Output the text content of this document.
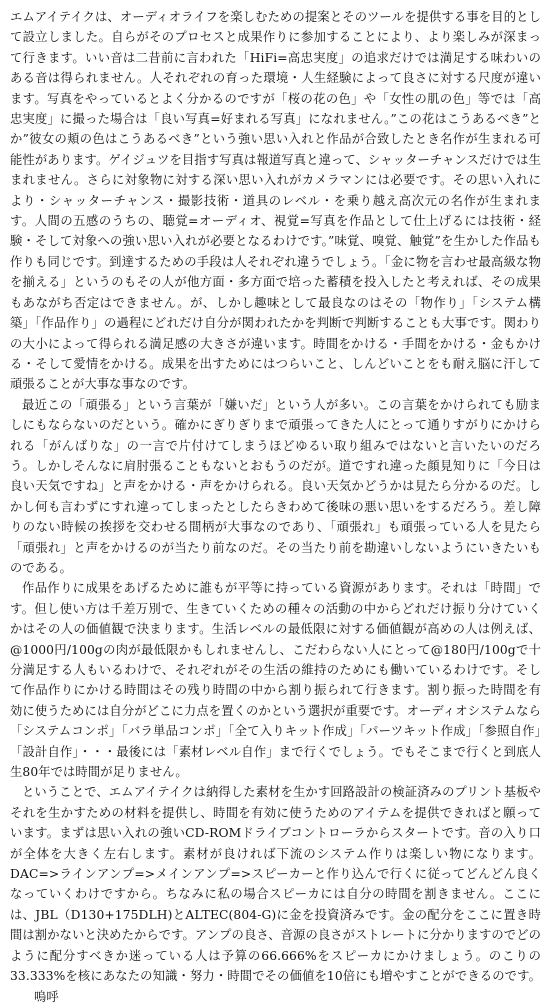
エムアイテイクは、オーディオライフを楽しむための提案とそのツールを提供する事を目的として設立しました。自らがそのプロセスと成果作りに参加することにより、より楽しみが深まって行きます。いい音は二昔前に言われた「HiFi=高忠実度」の追求だけでは満足する味わいのある音は得られません。人それぞれの育った環境・人生経験によって良さに対する尺度が違います。写真をやっているとよく分かるのですが「桜の花の色」や「女性の肌の色」等では「高忠実度」に撮った場合は「良い写真=好まれる写真」になれません。”この花はこうあるべき”とか”彼女の頬の色はこうあるべき”という強い思い入れと作品が合致したとき名作が生まれる可能性があります。ゲイジュツを目指す写真は報道写真と違って、シャッターチャンスだけでは生まれません。さらに対象物に対する深い思い入れがカメラマンには必要です。その思い入れにより・シャッターチャンス・撮影技術・道具のレベル・を乗り越え高次元の名作が生まれます。人間の五感のうちの、聴覚=オーディオ、視覚=写真を作品として仕上げるには技術・経験・そして対象への強い思い入れが必要となるわけです。”味覚、嗅覚、触覚”を生かした作品も作りも同じです。到達するための手段は人それぞれ違うでしょう。「金に物を言わせ最高級な物を揃える」というのもその人が他方面・多方面で培った蓄積を投入したと考えれば、その成果もあながち否定はできません。が、しかし趣味として最良なのはその「物作り」「システム構築」「作品作り」の過程にどれだけ自分が関われたかを判断で判断することも大事です。関わりの大小によって得られる満足感の大きさが違います。時間をかける・手間をかける・金もかける・そして愛情をかける。成果を出すためにはつらいこと、しんどいことをも耐え脳に汗して頑張ることが大事な事なのです。

最近この「頑張る」という言葉が「嫌いだ」という人が多い。この言葉をかけられても励ましにもならないのだという。確かにぎりぎりまで頑張ってきた人にとって通りすがりにかけられる「がんばりな」の一言で片付けてしまうほどゆるい取り組みではないと言いたいのだろう。しかしそんなに肩肘張ることもないとおもうのだが。道ですれ違った顔見知りに「今日は良い天気ですね」と声をかける・声をかけられる。良い天気かどうかは見たら分かるのだ。しかし何も言わずにすれ違ってしまったとしたらきわめて後味の悪い思いをするだろう。差し障りのない時候の挨拶を交わせる間柄が大事なのであり、「頑張れ」も頑張っている人を見たら「頑張れ」と声をかけるのが当たり前なのだ。その当たり前を勘違いしないようにいきたいものである。

作品作りに成果をあげるために誰もが平等に持っている資源があります。それは「時間」です。但し使い方は千差万別で、生きていくための種々の活動の中からどれだけ振り分けていくかはその人の価値観で決まります。生活レベルの最低限に対する価値観が高めの人は例えば、@1000円/100gの肉が最低限かもしれませんし、こだわらない人にとって@180円/100gで十分満足する人もいるわけで、それぞれがその生活の維持のためにも働いているわけです。そして作品作りにかける時間はその残り時間の中から割り振られて行きます。割り振った時間を有効に使うためには自分がどこに力点を置くのかという選択が重要です。オーディオシステムなら「システムコンポ」「バラ単品コンポ」「全て入りキット作成」「パーツキット作成」「参照自作」「設計自作」・・・最後には「素材レベル自作」まで行くでしょう。でもそこまで行くと到底人生80年では時間が足りません。

ということで、エムアイテイクは納得した素材を生かす回路設計の検証済みのプリント基板やそれを生かすための材料を提供し、時間を有効に使うためのアイテムを提供できればと願っています。まずは思い入れの強いCD-ROMドライブコントローラからスタートです。音の入り口が全体を大きく左右します。素材が良ければ下流のシステム作りは楽しい物になります。DAC=>ラインアンプ=>メインアンプ=>スピーカーと作り込んで行くに従ってどんどん良くなっていくわけですから。ちなみに私の場合スピーカには自分の時間を割きません。ここには、JBL（D130+175DLH)とALTEC(804-G)に金を投資済みです。金の配分をここに置き時間は割かないと決めたからです。アンプの良さ、音源の良さがストレートに分かりますのでどのように配分すべきか迷っている人は予算の66.666%をスピーカにかけましょう。のこりの33.333%を核にあなたの知識・努力・時間でその価値を10倍にも増やすことができるのです。嗚呼
